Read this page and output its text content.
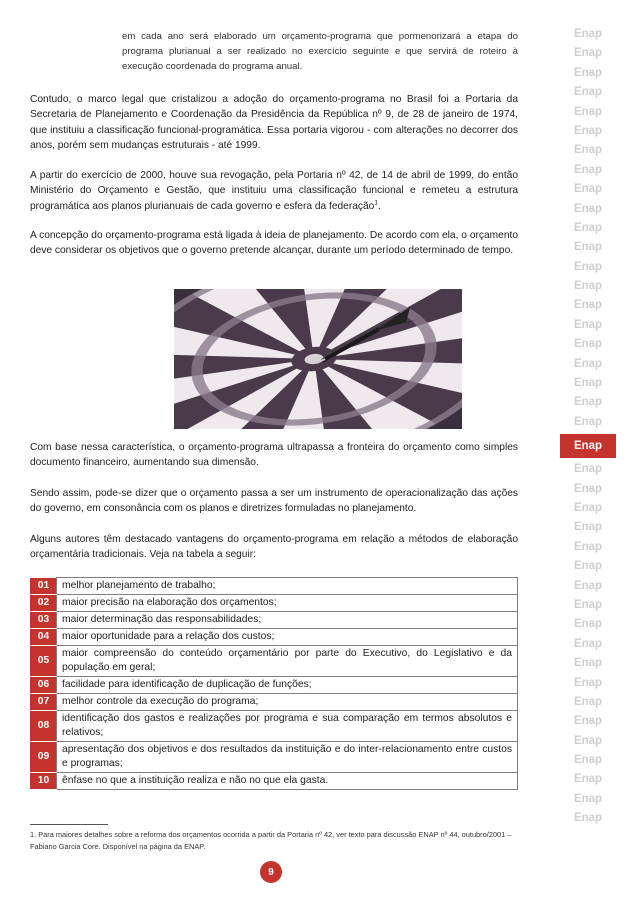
em cada ano será elaborado um orçamento-programa que pormenorizará a etapa do programa plurianual a ser realizado no exercício seguinte e que servirá de roteiro à execução coordenada do programa anual.
Contudo, o marco legal que cristalizou a adoção do orçamento-programa no Brasil foi a Portaria da Secretaria de Planejamento e Coordenação da Presidência da República nº 9, de 28 de janeiro de 1974, que instituiu a classificação funcional-programática. Essa portaria vigorou - com alterações no decorrer dos anos, porém sem mudanças estruturais - até 1999.
A partir do exercício de 2000, houve sua revogação, pela Portaria nº 42, de 14 de abril de 1999, do então Ministério do Orçamento e Gestão, que instituiu uma classificação funcional e remeteu a estrutura programática aos planos plurianuais de cada governo e esfera da federação$^1$.
A concepção do orçamento-programa está ligada à ideia de planejamento. De acordo com ela, o orçamento deve considerar os objetivos que o governo pretende alcançar, durante um período determinado de tempo.
Com base nessa característica, o orçamento-programa ultrapassa a fronteira do orçamento como simples documento financeiro, aumentando sua dimensão.
Sendo assim, pode-se dizer que o orçamento passa a ser um instrumento de operacionalização das ações do governo, em consonância com os planos e diretrizes formuladas no planejamento.
Alguns autores têm destacado vantagens do orçamento-programa em relação a métodos de elaboração orçamentária tradicionais. Veja na tabela a seguir:
01	melhor planejamento de trabalho;
02	maior precisão na elaboração dos orçamentos;
03	maior determinação das responsabilidades;
04	maior oportunidade para a relação dos custos;
05	maior compreensão do conteúdo orçamentário por parte do Executivo, do Legislativo e da população em geral;
06	facilidade para identificação de duplicação de funções;
07	melhor controle da execução do programa;
08	identificação dos gastos e realizações por programa e sua comparação em termos absolutos e relativos;
09	apresentação dos objetivos e dos resultados da instituição e do inter-relacionamento entre custos e programas;
10	ênfase no que a instituição realiza e não no que ela gasta.
1. Para maiores detalhes sobre a reforma dos orçamentos ocorrida a partir da Portaria nº 42, ver texto para discussão ENAP nº 44, outubro/2001 – Fabiano Garcia Core. Disponível na página da ENAP.
9
Enap
Enap
Enap
Enap
Enap
Enap
Enap
Enap
Enap
Enap
Enap
Enap
Enap
Enap
Enap
Enap
Enap
Enap
Enap
Enap
Enap
Enap
Enap
Enap
Enap
Enap
Enap
Enap
Enap
Enap
Enap
Enap
Enap
Enap
Enap
Enap
Enap
Enap
Enap
Enap
Enap
